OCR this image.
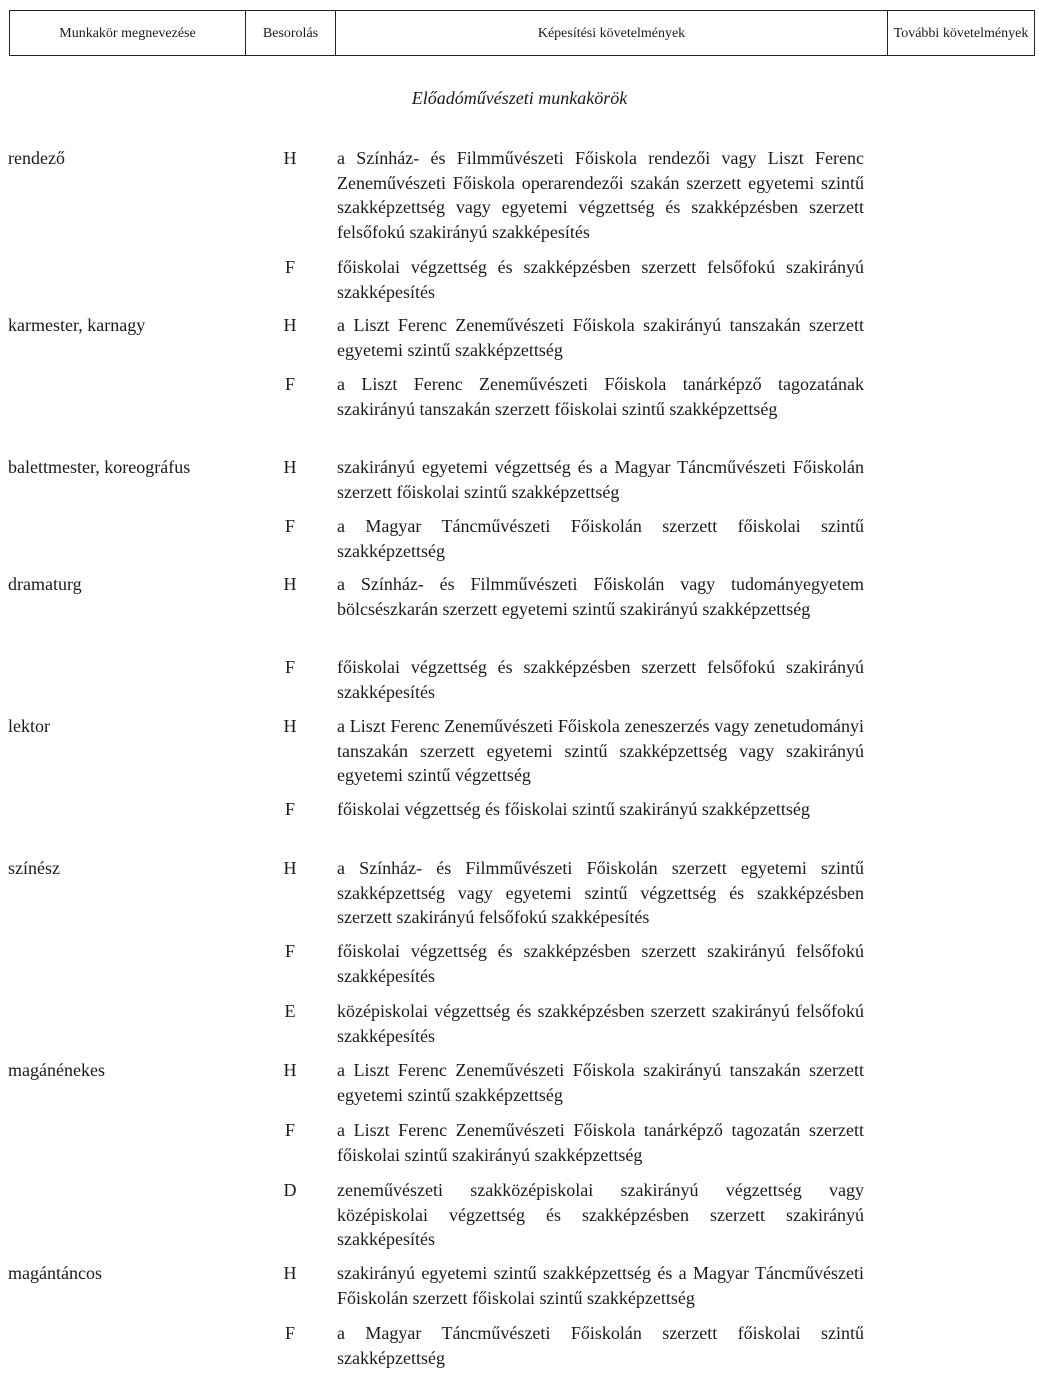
Munkakör megnevezése	Besorolás	Képesítési követelmények	További követelmények
Előadóművészeti munkakörök
rendező	H	a Színház- és Filmművészeti Főiskola rendezői vagy Liszt Ferenc Zeneművészeti Főiskola operarendezői szakán szerzett egyetemi szintű szakképzettség vagy egyetemi végzettség és szakképzésben szerzett felsőfokú szakirányú szakképesítés
F	főiskolai végzettség és szakképzésben szerzett felsőfokú szakirányú szakképesítés
karmester, karnagy	H	a Liszt Ferenc Zeneművészeti Főiskola szakirányú tanszakán szerzett egyetemi szintű szakképzettség
F	a Liszt Ferenc Zeneművészeti Főiskola tanárképző tagozatának szakirányú tanszakán szerzett főiskolai szintű szakképzettség
balettmester, koreográfus	H	szakirányú egyetemi végzettség és a Magyar Táncművészeti Főiskolán szerzett főiskolai szintű szakképzettség
F	a Magyar Táncművészeti Főiskolán szerzett főiskolai szintű szakképzettség
dramaturg	H	a Színház- és Filmművészeti Főiskolán vagy tudományegyetem bölcsészkarán szerzett egyetemi szintű szakirányú szakképzettség
F	főiskolai végzettség és szakképzésben szerzett felsőfokú szakirányú szakképesítés
lektor	H	a Liszt Ferenc Zeneművészeti Főiskola zeneszerzés vagy zenetudományi tanszakán szerzett egyetemi szintű szakképzettség vagy szakirányú egyetemi szintű végzettség
F	főiskolai végzettség és főiskolai szintű szakirányú szakképzettség
színész	H	a Színház- és Filmművészeti Főiskolán szerzett egyetemi szintű szakképzettség vagy egyetemi szintű végzettség és szakképzésben szerzett szakirányú felsőfokú szakképesítés
F	főiskolai végzettség és szakképzésben szerzett szakirányú felsőfokú szakképesítés
E	középiskolai végzettség és szakképzésben szerzett szakirányú felsőfokú szakképesítés
magánénekes	H	a Liszt Ferenc Zeneművészeti Főiskola szakirányú tanszakán szerzett egyetemi szintű szakképzettség
F	a Liszt Ferenc Zeneművészeti Főiskola tanárképző tagozatán szerzett főiskolai szintű szakirányú szakképzettség
D	zeneművészeti szakközépiskolai szakirányú végzettség vagy középiskolai végzettség és szakképzésben szerzett szakirányú szakképesítés
magántáncos	H	szakirányú egyetemi szintű szakképzettség és a Magyar Táncművészeti Főiskolán szerzett főiskolai szintű szakképzettség
F	a Magyar Táncművészeti Főiskolán szerzett főiskolai szintű szakképzettség
